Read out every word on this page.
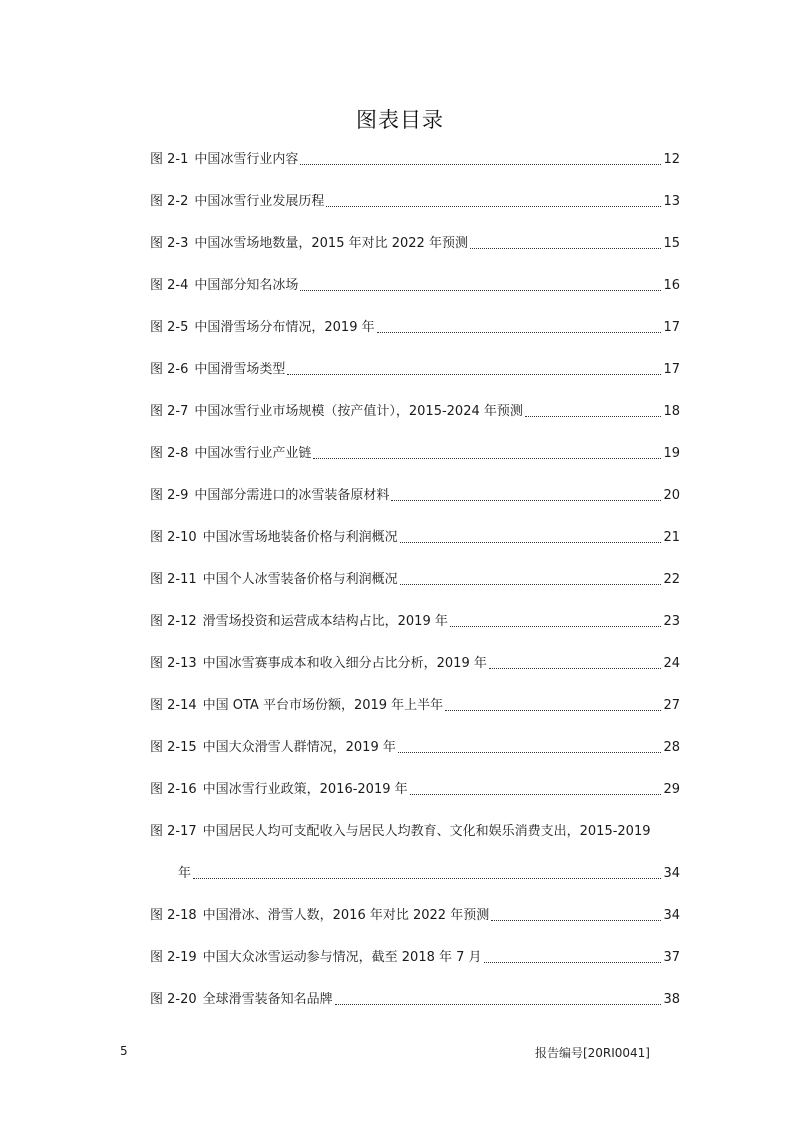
图表目录
图 2-1 中国冰雪行业内容	12
图 2-2 中国冰雪行业发展历程	13
图 2-3 中国冰雪场地数量，2015 年对比 2022 年预测	15
图 2-4 中国部分知名冰场	16
图 2-5 中国滑雪场分布情况，2019 年	17
图 2-6 中国滑雪场类型	17
图 2-7 中国冰雪行业市场规模（按产值计），2015-2024 年预测	18
图 2-8 中国冰雪行业产业链	19
图 2-9 中国部分需进口的冰雪装备原材料	20
图 2-10 中国冰雪场地装备价格与利润概况	21
图 2-11 中国个人冰雪装备价格与利润概况	22
图 2-12 滑雪场投资和运营成本结构占比，2019 年	23
图 2-13 中国冰雪赛事成本和收入细分占比分析，2019 年	24
图 2-14 中国 OTA 平台市场份额，2019 年上半年	27
图 2-15 中国大众滑雪人群情况，2019 年	28
图 2-16 中国冰雪行业政策，2016-2019 年	29
图 2-17 中国居民人均可支配收入与居民人均教育、文化和娱乐消费支出，2015-2019
年	34
图 2-18 中国滑冰、滑雪人数，2016 年对比 2022 年预测	34
图 2-19 中国大众冰雪运动参与情况，截至 2018 年 7 月	37
图 2-20 全球滑雪装备知名品牌	38
5	报告编号[20RI0041]
